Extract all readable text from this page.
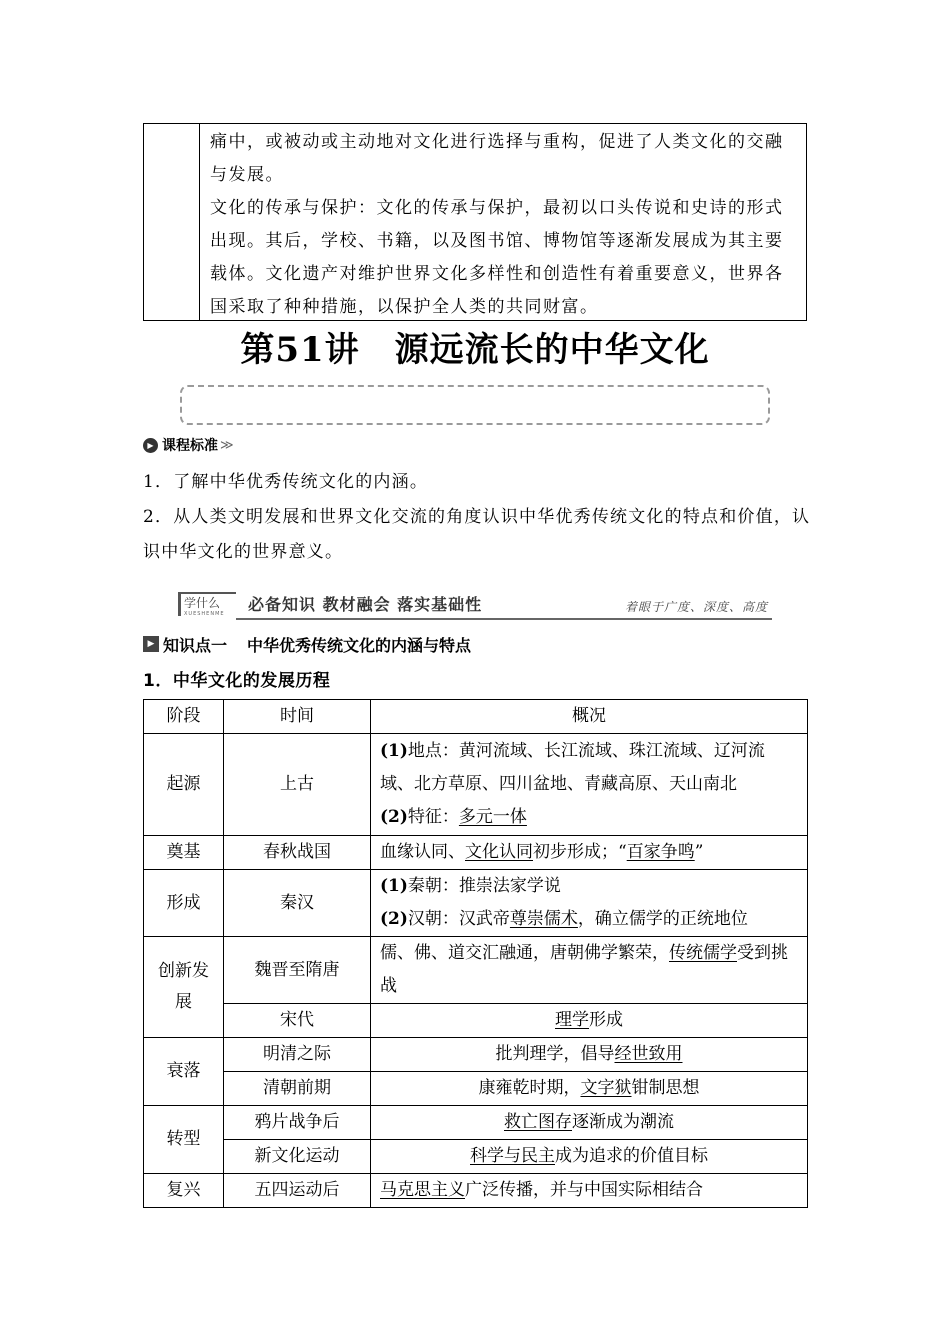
痛中，或被动或主动地对文化进行选择与重构，促进了人类文化的交融与发展。

文化的传承与保护：文化的传承与保护，最初以口头传说和史诗的形式出现。其后，学校、书籍，以及图书馆、博物馆等逐渐发展成为其主要载体。文化遗产对维护世界文化多样性和创造性有着重要意义，世界各国采取了种种措施，以保护全人类的共同财富。

第51讲　源远流长的中华文化
▶ 课程标准 ≫
1．了解中华优秀传统文化的内涵。
2．从人类文明发展和世界文化交流的角度认识中华优秀传统文化的特点和价值，认识中华文化的世界意义。
学什么
XUESHENME	必备知识 教材融会 落实基础性	着眼于广度、深度、高度
▶ 知识点一 中华优秀传统文化的内涵与特点
1．中华文化的发展历程
阶段	时间	概况
起源	上古	(1)地点：黄河流域、长江流域、珠江流域、辽河流域、北方草原、四川盆地、青藏高原、天山南北
(2)特征：多元一体

奠基	春秋战国	血缘认同、文化认同初步形成；“百家争鸣”
形成	秦汉	(1)秦朝：推崇法家学说
(2)汉朝：汉武帝尊崇儒术，确立儒学的正统地位

创新发展	魏晋至隋唐	儒、佛、道交汇融通，唐朝佛学繁荣，传统儒学受到挑战
	宋代	理学形成
衰落	明清之际	批判理学，倡导经世致用
	清朝前期	康雍乾时期，文字狱钳制思想
转型	鸦片战争后	救亡图存逐渐成为潮流
	新文化运动	科学与民主成为追求的价值目标
复兴	五四运动后	马克思主义广泛传播，并与中国实际相结合
